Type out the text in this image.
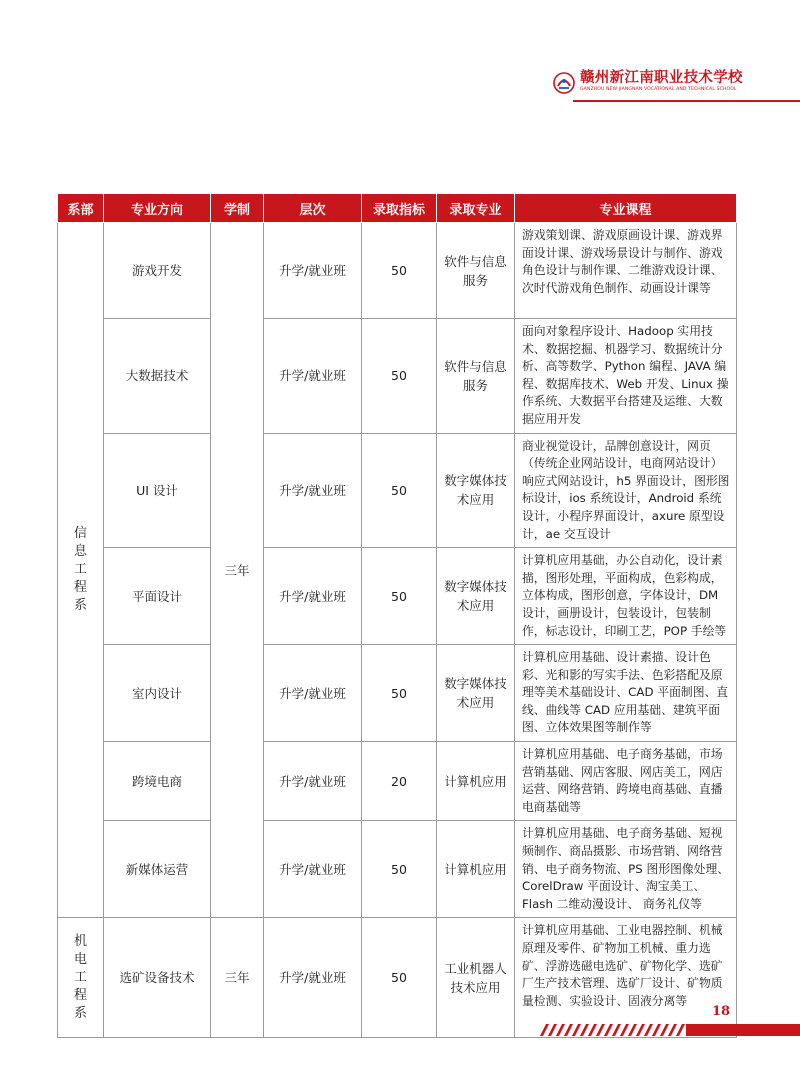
赣州新江南职业技术学校
GANZHOU NEW JIANGNAN VOCATIONAL AND TECHNICAL SCHOOL
系部	专业方向	学制	层次	录取指标	录取专业	专业课程
信息工程系	游戏开发	三年	升学/就业班	50	软件与信息服务	游戏策划课、游戏原画设计课、游戏界面设计课、游戏场景设计与制作、游戏角色设计与制作课、二维游戏设计课、次时代游戏角色制作、动画设计课等
	大数据技术		升学/就业班	50	软件与信息服务	面向对象程序设计、Hadoop 实用技术、数据挖掘、机器学习、数据统计分析、高等数学、Python 编程、JAVA 编程、数据库技术、Web 开发、Linux 操作系统、大数据平台搭建及运维、大数据应用开发
	UI 设计		升学/就业班	50	数字媒体技术应用	商业视觉设计，品牌创意设计，网页（传统企业网站设计，电商网站设计）响应式网站设计，h5 界面设计，图形图标设计，ios 系统设计，Android 系统设计，小程序界面设计，axure 原型设计，ae 交互设计
	平面设计		升学/就业班	50	数字媒体技术应用	计算机应用基础，办公自动化，设计素描，图形处理，平面构成，色彩构成，立体构成，图形创意，字体设计，DM 设计，画册设计，包装设计，包装制作，标志设计，印刷工艺，POP 手绘等
	室内设计		升学/就业班	50	数字媒体技术应用	计算机应用基础、设计素描、设计色彩、光和影的写实手法、色彩搭配及原理等美术基础设计、CAD 平面制图、直线、曲线等 CAD 应用基础、建筑平面图、立体效果图等制作等
	跨境电商		升学/就业班	20	计算机应用	计算机应用基础、电子商务基础，市场营销基础、网店客服、网店美工，网店运营、网络营销、跨境电商基础、直播电商基础等
	新媒体运营		升学/就业班	50	计算机应用	计算机应用基础、电子商务基础、短视频制作、商品摄影、市场营销、网络营销、电子商务物流、PS 图形图像处理、CorelDraw 平面设计、淘宝美工、Flash 二维动漫设计、 商务礼仪等
机电工程系	选矿设备技术	三年	升学/就业班	50	工业机器人技术应用	计算机应用基础、工业电器控制、机械原理及零件、矿物加工机械、重力选矿、浮游选磁电选矿、矿物化学、选矿厂生产技术管理、选矿厂设计、矿物质量检测、实验设计、固液分离等
18
